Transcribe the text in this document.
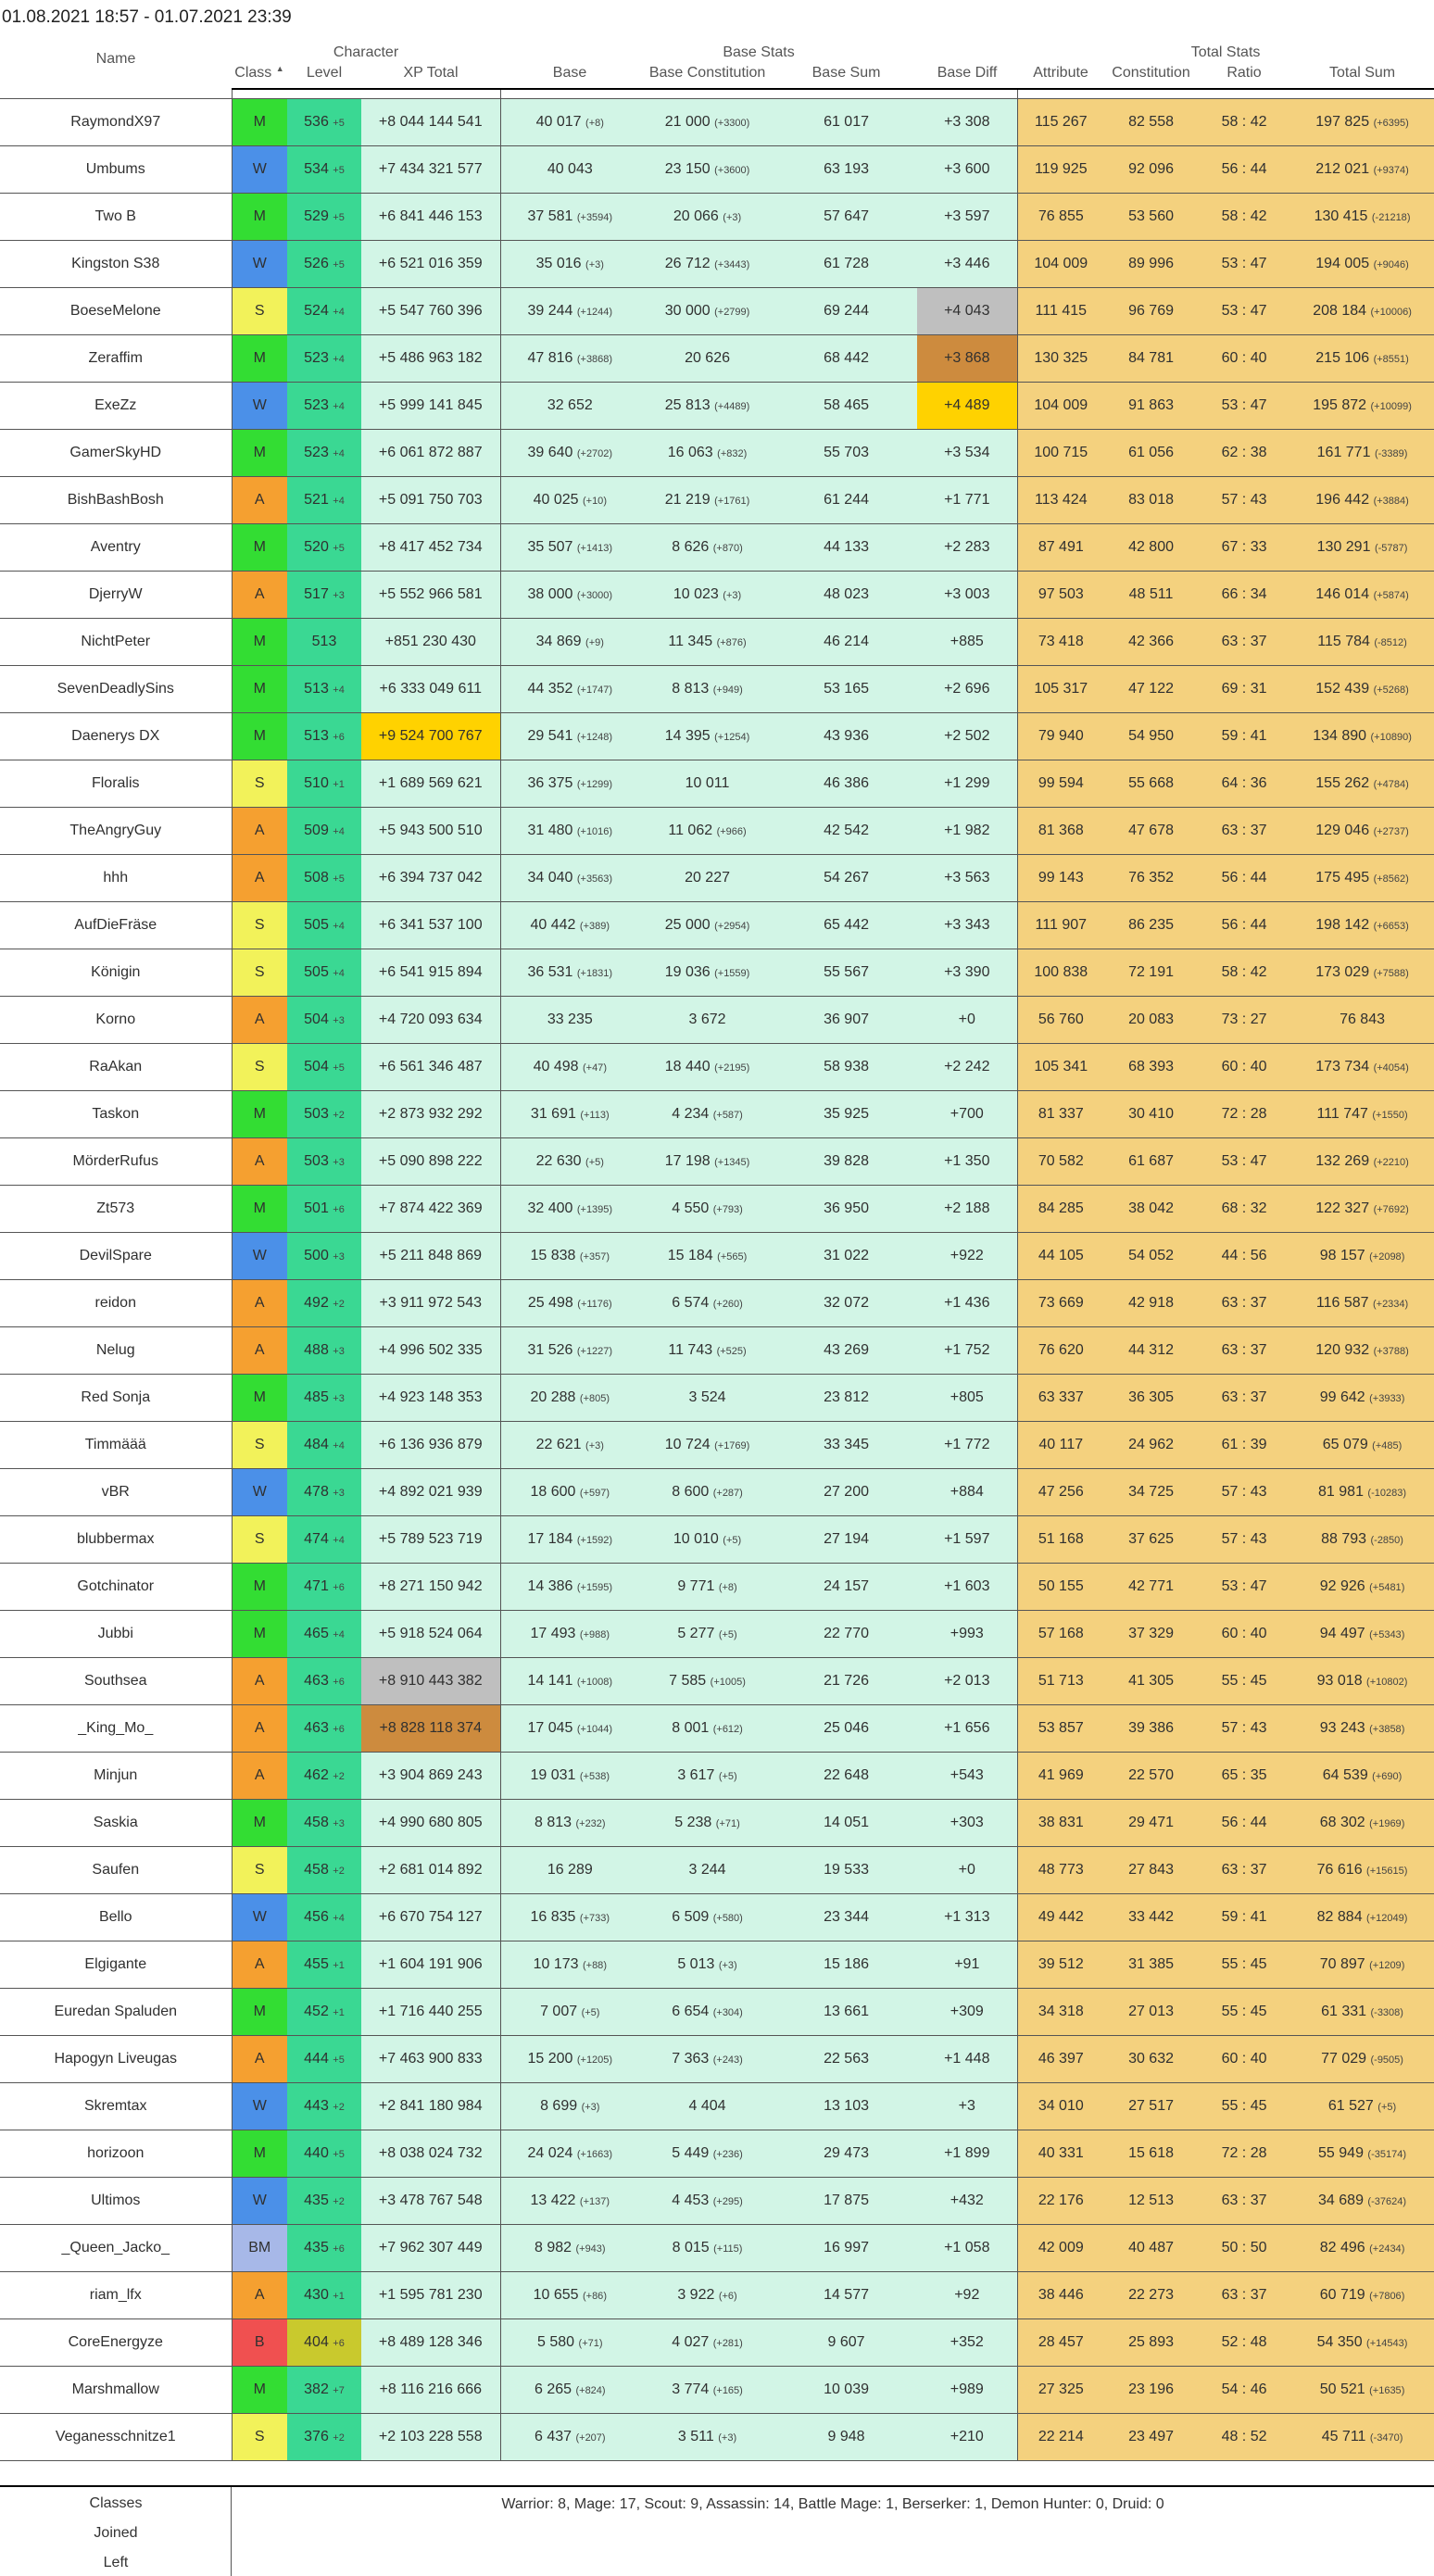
01.08.2021 18:57 - 01.07.2021 23:39
Name	Character			Base Stats				Total Stats			
	Class ▲	Level	XP Total	Base	Base Constitution	Base Sum	Base Diff	Attribute	Constitution	Ratio	Total Sum

RaymondX97	M	536 +5	+8 044 144 541	40 017 (+8)	21 000 (+3300)	61 017	+3 308	115 267	82 558	58 : 42	197 825 (+6395)
Umbums	W	534 +5	+7 434 321 577	40 043	23 150 (+3600)	63 193	+3 600	119 925	92 096	56 : 44	212 021 (+9374)
Two B	M	529 +5	+6 841 446 153	37 581 (+3594)	20 066 (+3)	57 647	+3 597	76 855	53 560	58 : 42	130 415 (-21218)
Kingston S38	W	526 +5	+6 521 016 359	35 016 (+3)	26 712 (+3443)	61 728	+3 446	104 009	89 996	53 : 47	194 005 (+9046)
BoeseMelone	S	524 +4	+5 547 760 396	39 244 (+1244)	30 000 (+2799)	69 244	+4 043	111 415	96 769	53 : 47	208 184 (+10006)
Zeraffim	M	523 +4	+5 486 963 182	47 816 (+3868)	20 626	68 442	+3 868	130 325	84 781	60 : 40	215 106 (+8551)
ExeZz	W	523 +4	+5 999 141 845	32 652	25 813 (+4489)	58 465	+4 489	104 009	91 863	53 : 47	195 872 (+10099)
GamerSkyHD	M	523 +4	+6 061 872 887	39 640 (+2702)	16 063 (+832)	55 703	+3 534	100 715	61 056	62 : 38	161 771 (-3389)
BishBashBosh	A	521 +4	+5 091 750 703	40 025 (+10)	21 219 (+1761)	61 244	+1 771	113 424	83 018	57 : 43	196 442 (+3884)
Aventry	M	520 +5	+8 417 452 734	35 507 (+1413)	8 626 (+870)	44 133	+2 283	87 491	42 800	67 : 33	130 291 (-5787)
DjerryW	A	517 +3	+5 552 966 581	38 000 (+3000)	10 023 (+3)	48 023	+3 003	97 503	48 511	66 : 34	146 014 (+5874)
NichtPeter	M	513	+851 230 430	34 869 (+9)	11 345 (+876)	46 214	+885	73 418	42 366	63 : 37	115 784 (-8512)
SevenDeadlySins	M	513 +4	+6 333 049 611	44 352 (+1747)	8 813 (+949)	53 165	+2 696	105 317	47 122	69 : 31	152 439 (+5268)
Daenerys DX	M	513 +6	+9 524 700 767	29 541 (+1248)	14 395 (+1254)	43 936	+2 502	79 940	54 950	59 : 41	134 890 (+10890)
Floralis	S	510 +1	+1 689 569 621	36 375 (+1299)	10 011	46 386	+1 299	99 594	55 668	64 : 36	155 262 (+4784)
TheAngryGuy	A	509 +4	+5 943 500 510	31 480 (+1016)	11 062 (+966)	42 542	+1 982	81 368	47 678	63 : 37	129 046 (+2737)
hhh	A	508 +5	+6 394 737 042	34 040 (+3563)	20 227	54 267	+3 563	99 143	76 352	56 : 44	175 495 (+8562)
AufDieFräse	S	505 +4	+6 341 537 100	40 442 (+389)	25 000 (+2954)	65 442	+3 343	111 907	86 235	56 : 44	198 142 (+6653)
Königin	S	505 +4	+6 541 915 894	36 531 (+1831)	19 036 (+1559)	55 567	+3 390	100 838	72 191	58 : 42	173 029 (+7588)
Korno	A	504 +3	+4 720 093 634	33 235	3 672	36 907	+0	56 760	20 083	73 : 27	76 843
RaAkan	S	504 +5	+6 561 346 487	40 498 (+47)	18 440 (+2195)	58 938	+2 242	105 341	68 393	60 : 40	173 734 (+4054)
Taskon	M	503 +2	+2 873 932 292	31 691 (+113)	4 234 (+587)	35 925	+700	81 337	30 410	72 : 28	111 747 (+1550)
MörderRufus	A	503 +3	+5 090 898 222	22 630 (+5)	17 198 (+1345)	39 828	+1 350	70 582	61 687	53 : 47	132 269 (+2210)
Zt573	M	501 +6	+7 874 422 369	32 400 (+1395)	4 550 (+793)	36 950	+2 188	84 285	38 042	68 : 32	122 327 (+7692)
DevilSpare	W	500 +3	+5 211 848 869	15 838 (+357)	15 184 (+565)	31 022	+922	44 105	54 052	44 : 56	98 157 (+2098)
reidon	A	492 +2	+3 911 972 543	25 498 (+1176)	6 574 (+260)	32 072	+1 436	73 669	42 918	63 : 37	116 587 (+2334)
Nelug	A	488 +3	+4 996 502 335	31 526 (+1227)	11 743 (+525)	43 269	+1 752	76 620	44 312	63 : 37	120 932 (+3788)
Red Sonja	M	485 +3	+4 923 148 353	20 288 (+805)	3 524	23 812	+805	63 337	36 305	63 : 37	99 642 (+3933)
Timmäää	S	484 +4	+6 136 936 879	22 621 (+3)	10 724 (+1769)	33 345	+1 772	40 117	24 962	61 : 39	65 079 (+485)
vBR	W	478 +3	+4 892 021 939	18 600 (+597)	8 600 (+287)	27 200	+884	47 256	34 725	57 : 43	81 981 (-10283)
blubbermax	S	474 +4	+5 789 523 719	17 184 (+1592)	10 010 (+5)	27 194	+1 597	51 168	37 625	57 : 43	88 793 (-2850)
Gotchinator	M	471 +6	+8 271 150 942	14 386 (+1595)	9 771 (+8)	24 157	+1 603	50 155	42 771	53 : 47	92 926 (+5481)
Jubbi	M	465 +4	+5 918 524 064	17 493 (+988)	5 277 (+5)	22 770	+993	57 168	37 329	60 : 40	94 497 (+5343)
Southsea	A	463 +6	+8 910 443 382	14 141 (+1008)	7 585 (+1005)	21 726	+2 013	51 713	41 305	55 : 45	93 018 (+10802)
_King_Mo_	A	463 +6	+8 828 118 374	17 045 (+1044)	8 001 (+612)	25 046	+1 656	53 857	39 386	57 : 43	93 243 (+3858)
Minjun	A	462 +2	+3 904 869 243	19 031 (+538)	3 617 (+5)	22 648	+543	41 969	22 570	65 : 35	64 539 (+690)
Saskia	M	458 +3	+4 990 680 805	8 813 (+232)	5 238 (+71)	14 051	+303	38 831	29 471	56 : 44	68 302 (+1969)
Saufen	S	458 +2	+2 681 014 892	16 289	3 244	19 533	+0	48 773	27 843	63 : 37	76 616 (+15615)
Bello	W	456 +4	+6 670 754 127	16 835 (+733)	6 509 (+580)	23 344	+1 313	49 442	33 442	59 : 41	82 884 (+12049)
Elgigante	A	455 +1	+1 604 191 906	10 173 (+88)	5 013 (+3)	15 186	+91	39 512	31 385	55 : 45	70 897 (+1209)
Euredan Spaluden	M	452 +1	+1 716 440 255	7 007 (+5)	6 654 (+304)	13 661	+309	34 318	27 013	55 : 45	61 331 (-3308)
Hapogyn Liveugas	A	444 +5	+7 463 900 833	15 200 (+1205)	7 363 (+243)	22 563	+1 448	46 397	30 632	60 : 40	77 029 (-9505)
Skremtax	W	443 +2	+2 841 180 984	8 699 (+3)	4 404	13 103	+3	34 010	27 517	55 : 45	61 527 (+5)
horizoon	M	440 +5	+8 038 024 732	24 024 (+1663)	5 449 (+236)	29 473	+1 899	40 331	15 618	72 : 28	55 949 (-35174)
Ultimos	W	435 +2	+3 478 767 548	13 422 (+137)	4 453 (+295)	17 875	+432	22 176	12 513	63 : 37	34 689 (-37624)
_Queen_Jacko_	BM	435 +6	+7 962 307 449	8 982 (+943)	8 015 (+115)	16 997	+1 058	42 009	40 487	50 : 50	82 496 (+2434)
riam_lfx	A	430 +1	+1 595 781 230	10 655 (+86)	3 922 (+6)	14 577	+92	38 446	22 273	63 : 37	60 719 (+7806)
CoreEnergyze	B	404 +6	+8 489 128 346	5 580 (+71)	4 027 (+281)	9 607	+352	28 457	25 893	52 : 48	54 350 (+14543)
Marshmallow	M	382 +7	+8 116 216 666	6 265 (+824)	3 774 (+165)	10 039	+989	27 325	23 196	54 : 46	50 521 (+1635)
Veganesschnitze1	S	376 +2	+2 103 228 558	6 437 (+207)	3 511 (+3)	9 948	+210	22 214	23 497	48 : 52	45 711 (-3470)
Classes
Joined
Left
Warrior: 8, Mage: 17, Scout: 9, Assassin: 14, Battle Mage: 1, Berserker: 1, Demon Hunter: 0, Druid: 0
